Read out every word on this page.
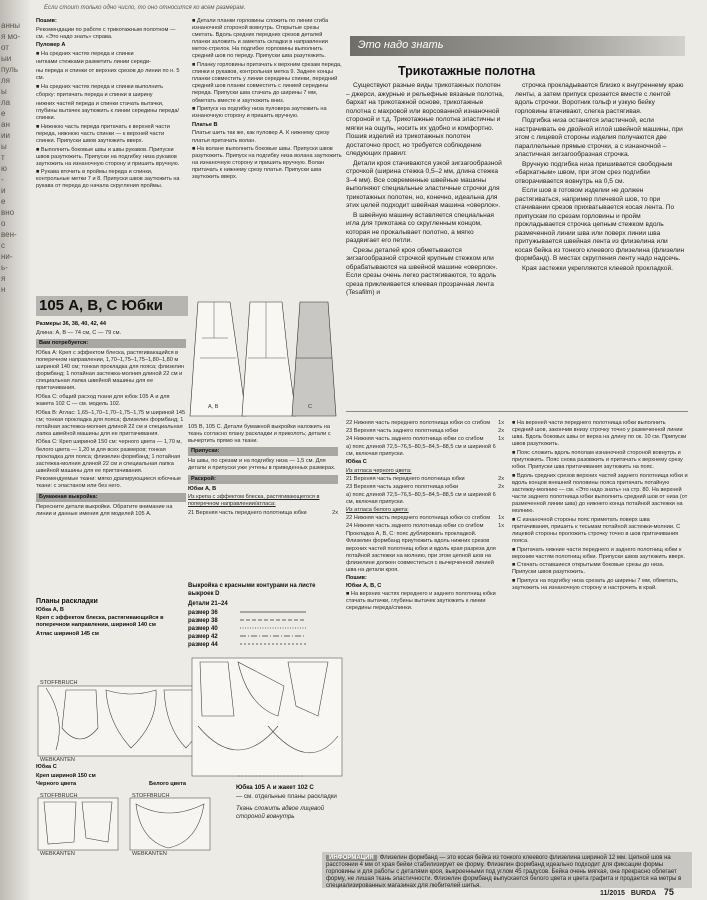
анны
я мо-
от
ыи
пуль
ля
ы
ла
е
ан
ии
ы
т
ю
-
и
е
вно
о
вен-
с
ни-
ь-
я
н
Если стоит только одно число, то оно относится ко всем размерам.

Пошив:

Рекомендации по работе с трикотажным полотном — см. «Это надо знать» справа.

Пуловер А

■ На средних частях переда и спинки

нитками стежками разметить линии середи-

ны переда и спинки от верхних срезов до линии по н. 5 см.

■ На средних частях переда и спинки выполнить

сборку: притачать переда и спинки в ширину

нижних частей переда и спинки стачать вытачки, глубины вытачек заутюжить к линии середины переда/спинки.

■ Нижнюю часть переда притачать к верхней части переда, нижнюю часть спинки — к верхней части спинки. Припуски швов заутюжить вверх.

■ Выполнить боковые швы и швы рукавов. Припуски швов разутюжить. Припуски на подгибку низа рукавов заутюжить на изнаночную сторону и пришить вручную.

■ Рукава вточить в проймы переда и спинки, контрольные метки 7 и 8. Припуски швов заутюжить на рукава от переда до начала скругления проймы.

■ Детали планки горловины сложить по линии сгиба изнаночной стороной вовнутрь. Открытые срезы сметать. Вдоль средних передних срезов деталей планки заложить и заметать складки в направлении меток-стрелок. На подгибке горловины выполнить средний шов по переду. Припуски шва разутюжить.

■ Планку горловины притачать к верхним срезам переда, спинки и рукавов, контрольная метка 9. Заднее концы планки совместить у линии середины спинки, передний средний шов планки совместить с линией середины переда. Припуски шва стачать до ширины 7 мм, обметать вместе и заутюжить вниз.

■ Припуск на подгибку низа пуловера заутюжить на изнаночную сторону и пришить вручную.

Платье В

Платье шить так же, как пуловер А. К нижнему срезу платья притачать волан.

■ На волане выполнить боковые швы. Припуски швов разутюжить. Припуск на подгибку низа волана заутюжить на изнаночную сторону и пришить вручную. Волан притачать к нижнему срезу платья. Припуски шва заутюжить вверх.

105 А, В, С Юбки

Размеры 36, 38, 40, 42, 44

Длина: А, В — 74 см, С — 79 см.

Вам потребуется:

Юбка А: Креп с эффектом блеска, растягивающийся в поперечном направлении, 1,70–1,75–1,75–1,80–1,80 м шириной 140 см; тонкая прокладка для пояса; флизелин формбанд; 1 потайная застежка-молния длиной 22 см и специальная лапка швейной машины для ее пригтачивания.

Юбка С: общий расход ткани для юбок 105 А и для жакета 102 С — см. модель 102.

Юбка В: Атлас: 1,65–1,70–1,70–1,75–1,75 м шириной 145 см; тонкая прокладка для пояса; флизелин формбанд; 1 потайная застежка-молния длиной 22 см и специальная лапка швейной машины для ее пригтачивания.

Юбка С: Креп шириной 150 см: черного цвета — 1,70 м, белого цвета — 1,20 м для всех размеров; тонкая прокладка для пояса; флизелин формбанд; 1 потайная застежка-молния длиной 22 см и специальная лапка швейной машины для ее пригтачивания.

Рекомендуемые ткани: мягко драпирующиеся юбочные ткани: с эластаном или без него.

Бумажная выкройка:

Пересните детали выкройки. Обратите внимание на линии и данные имения для моделей 105 А.

Планы раскладки

Юбка А, В

Креп с эффектом блеска, растягивающийся в поперечном направлении, шириной 140 см

Атлас шириной 145 см

STOFFBRUCH
WEBKANTEN

Юбка С

Креп шириной 150 см

Черного цвета	Белого цвета
STOFFBRUCH
WEBKANTEN
STOFFBRUCH
WEBKANTEN
А, В	С

105 В, 105 С. Детали бумажной выкройки наложить на ткань согласно плану раскладки и приколоть; детали с вычертить прямо на ткани.

Припуски:

На швы, по срезам и на подгибку низа — 1,5 см. Для детали и припуски уже учтены в приведенных размерах.

Раскрой:

Юбки А, В

Из крепа с эффектом блеска, растягивающегося в поперечном направлении/атласа:

21 Верхняя часть переднего полотнища юбки	2x

Выкройка с красными контурами на листе выкроек D

Детали 21–24

размер 36
размер 38
размер 40
размер 42
размер 44

Юбка 105 А и жакет 102 С

— см. отдельные планы раскладки

Ткань сложить вдвое лицевой стороной вовнутрь

Это надо знать
Трикотажные полотна

Существуют разные виды трикотажных полотен – джерси, ажурные и рельефные вязаные полотна, бархат на трикотажной основе, трикотажные полотна с махровой или ворсованной изнаночной стороной и т.д. Трикотажные полотна эластичны и мягки на ощупь, носить их удобно и комфортно. Пошив изделий из трикотажных полотен достаточно прост, но требуется соблюдение следующих правил:

Детали кроя стачиваются узкой зигзагообразной строчкой (ширина стежка 0,5–2 мм, длина стежка 3–4 мм). Все современные швейные машины выполняют специальные эластичные строчки для трикотажных полотен, но, конечно, идеальна для этих целей подходит швейная машина «оверлок».

В швейную машину вставляется специальная игла для трикотажа со скругленным концом, которая не прокалывает полотно, а мягко раздвигает его петли.

Срезы деталей кроя обметываются зигзагообразной строчкой крупным стежком или обрабатываются на швейной машине «оверлок». Если срезы очень легко растягиваются, то вдоль среза приклеивается клеевая прозрачная лента (Tesafilm) и

строчка прокладывается близко к внутреннему краю ленты, а затем припуск срезается вместе с лентой вдоль строчки. Воротник гольф и узкую бейку горловины втачивают, слегка растягивая.

Подгибка низа останется эластичной, если настрачивать ее двойной иглой швейной машины, при этом с лицевой стороны изделия получаются две параллельные прямые строчки, а с изнаночной – эластичная зигзагообразная строчка.

Вручную подгибка низа пришивается свободным «бархатным» швом, при этом срез подгибки отворачивается вовнутрь на 0,5 см.

Если шов в готовом изделии не должен растягиваться, например плечевой шов, то при стачивании срезов прихватывается косая лента. По припускам по срезам горловины и пройм прокладывается строчка цепным стежком вдоль размеченной линии шва или поверх линии шва притужывается швейная лента из флизелина или косая бейка из тонкого клеевого флизелина (флизелин формбанд). В местах скругления ленту надо надсечь.

Края застежки укрепляются клеевой прокладкой.

22 Нижняя часть переднего полотнища юбки со сгибом	1x
23 Верхняя часть заднего полотнища юбки	2x
24 Нижняя часть заднего полотнища юбки со сгибом	1x
а) пояс длиной 72,5–76,5–80,5–84,5–88,5 см и шириной 6 см, включая припуски.
Юбка С
Из атласа черного цвета:
21 Верхняя часть переднего полотнища юбки	2x
23 Верхняя часть заднего полотнища юбки	2x
а) пояс длиной 72,5–76,5–80,5–84,5–88,5 см и шириной 6 см, включая припуски.
Из атласа белого цвета:
22 Нижняя часть переднего полотнища юбки со сгибом	1x
24 Нижняя часть заднего полотнища юбки со сгибом	1x
Прокладка А, В, С: пояс дублировать прокладкой. Флизелин формбанд приутюжить вдоль нижних срезов верхних частей полотнищ юбки и вдоль края разреза для потайной застежки на молнию, при этом цепной шов на флизелине должен совместиться с вычерченной линией шва на детали кроя.
Пошив:
Юбки А, В, С
■ На верхних частях переднего и заднего полотнищ юбки стачать вытачки, глубины вытачек заутюжить к линии середины переда/спинки.

■ На верхней части переднего полотнища юбки выполнить средний шов, закончив внизу строчку точно у размеченной линии шва. Вдоль боковых швы от верха на длину по ок. 10 см. Припуски швов разутюжить.

■ Пояс сложить вдоль пополам изнаночной стороной вовнутрь и приутюжить. Пояс снова разовжить и притачать к верхнему срезу юбки. Припуски шва притачивания заутюжить на пояс.

■ Вдоль средних срезов верхних частей заднего полотнища юбки и вдоль концов внешней половины пояса притачать потайную застежку-молнию — см. «Это надо знать» на стр. 80. На верхней части заднего полотнища юбки выполнить средний шов от низа (от размеченной линии шва) до нижнего конца потайной застежки на молнию.

■ С изнаночной стороны пояс приметать поверх шва притачивания, пришить к тесьмам потайной застежки-молнии. С лицевой стороны проложить строчку точно в шов притачивания пояса.

■ Притачать нижние части переднего и заднего полотнищ юбки к верхним частям полотнищ юбки. Припуски швов заутюжить вверх.

■ Стачать оставшиеся открытыми боковые срезы до низа. Припуски швов разутюжить.

■ Припуск на подгибку низа срезать до ширины 7 мм, обметать, заутюжить на изнаночную сторону и настрочить в край.

ИНФОРМАЦИЯ Флизелин формбанд — это косая бейка из тонкого клеевого флизелина шириной 12 мм. Цепной шов на расстоянии 4 мм от края бейки стабилизирует ее форму. Флизелин формбанд идеально подходит для фиксации формы горловины и для работы с деталями кроя, выкроенными под углом 45 градусов. Бейка очень мягкая, она прекрасно облегает форму, не лишая ткань эластичности. Флизелин формбанд выпускается белого цвета и цвета графита и продается на метры в специализированных магазинах для любителей шитья.
11/2015 BURDA 75
